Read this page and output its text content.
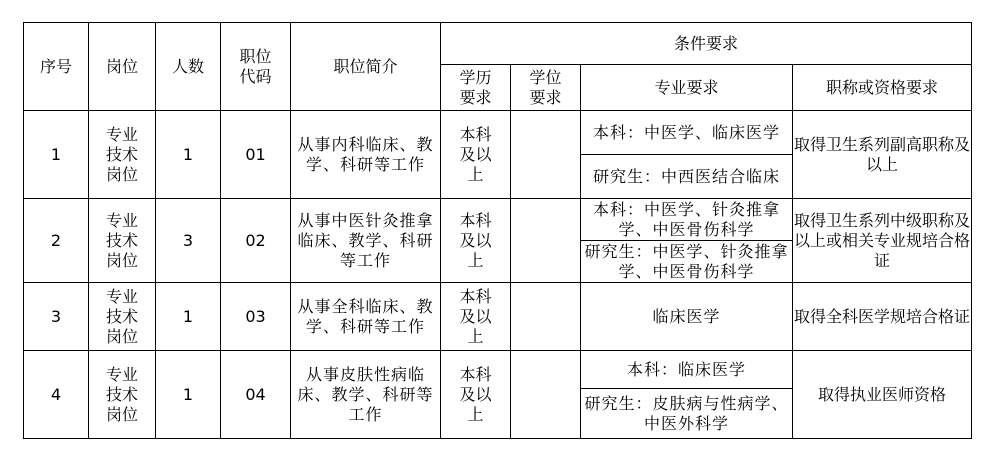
序号	岗位	人数	职位代码	职位简介	条件要求			
					学历要求	学位要求	专业要求	职称或资格要求
1	专业技术岗位	1	01	从事内科临床、教学、科研等工作	本科及以上		本科：中医学、临床医学	取得卫生系列副高职称及以上
							研究生：中西医结合临床	
2	专业技术岗位	3	02	从事中医针灸推拿临床、教学、科研等工作	本科及以上		本科：中医学、针灸推拿学、中医骨伤科学	取得卫生系列中级职称及以上或相关专业规培合格证
							研究生：中医学、针灸推拿学、中医骨伤科学	
3	专业技术岗位	1	03	从事全科临床、教学、科研等工作	本科及以上		临床医学	取得全科医学规培合格证
4	专业技术岗位	1	04	从事皮肤性病临床、教学、科研等工作	本科及以上		本科：临床医学	取得执业医师资格
							研究生：皮肤病与性病学、中医外科学	
